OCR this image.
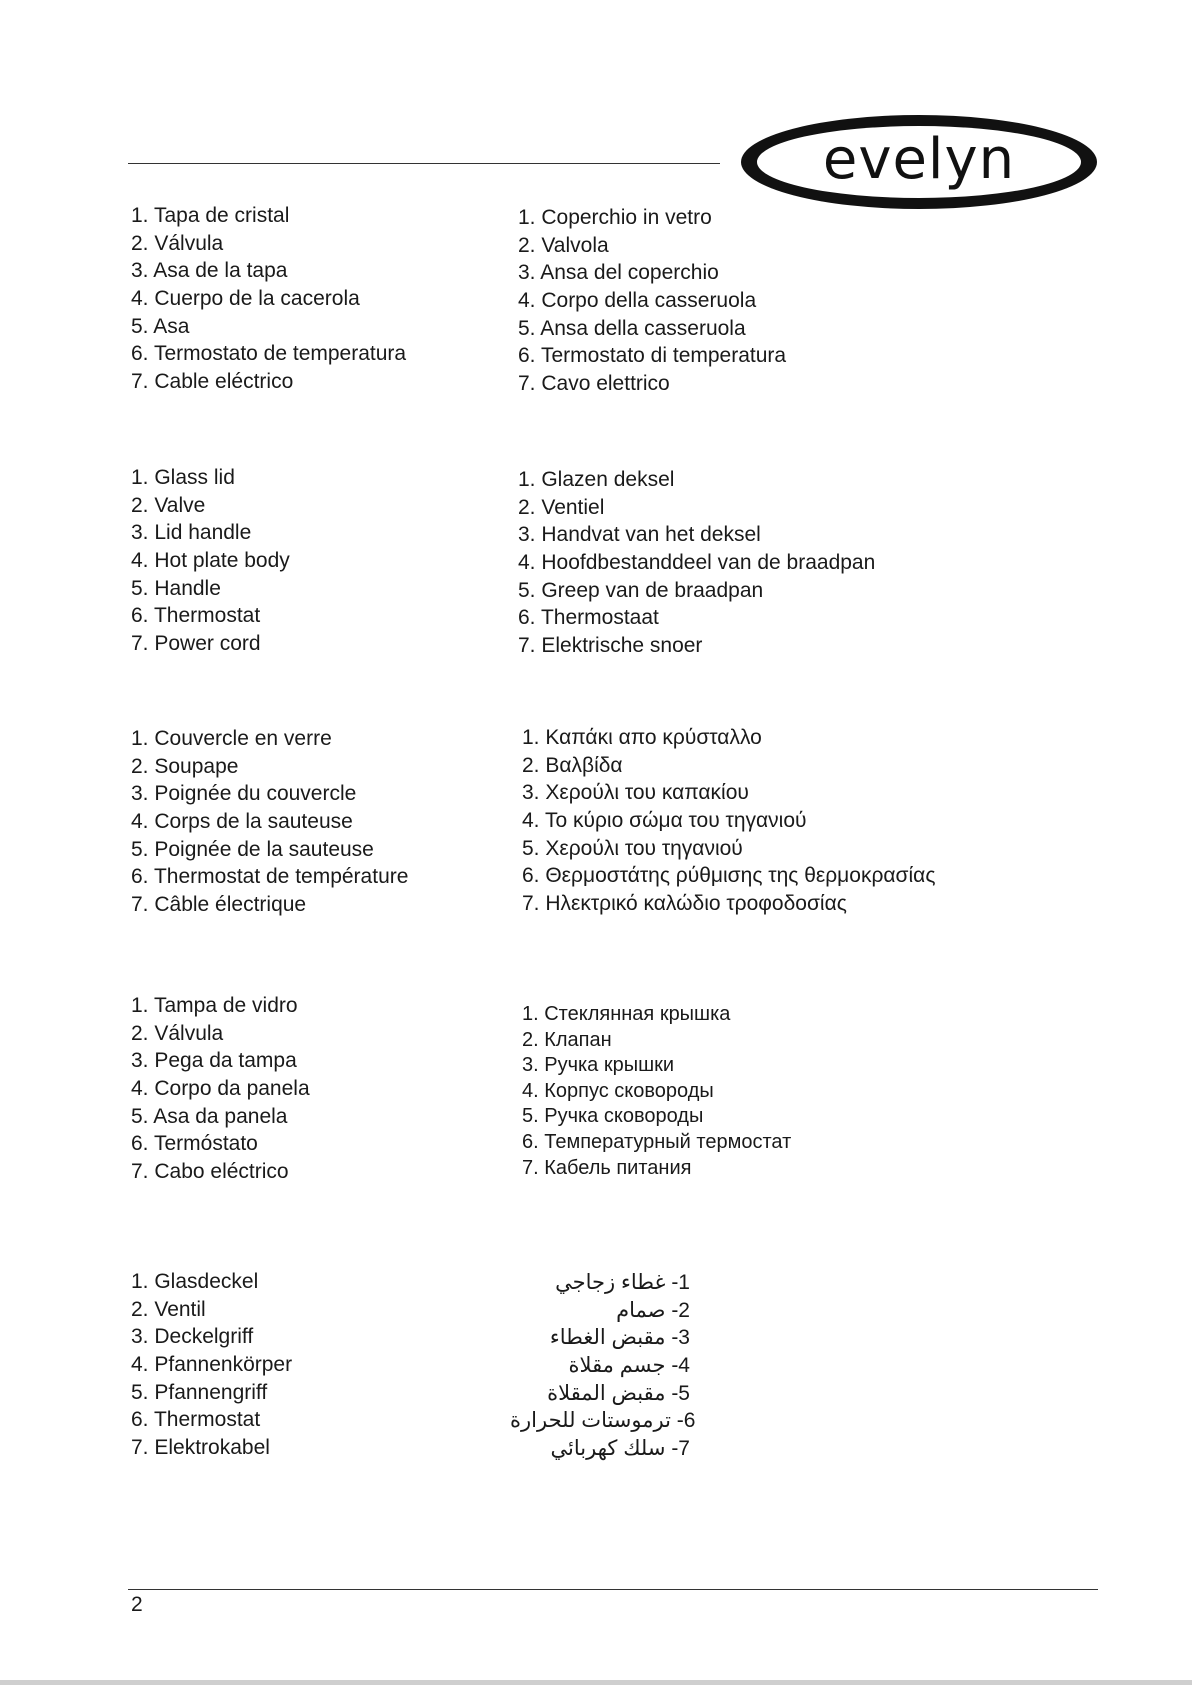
evelyn
1. Tapa de cristal
2. Válvula
3. Asa de la tapa
4. Cuerpo de la cacerola
5. Asa
6. Termostato de temperatura
7. Cable eléctrico
1. Coperchio in vetro
2. Valvola
3. Ansa del coperchio
4. Corpo della casseruola
5. Ansa della casseruola
6. Termostato di temperatura
7. Cavo elettrico
1. Glass lid
2. Valve
3. Lid handle
4. Hot plate body
5. Handle
6. Thermostat
7. Power cord
1. Glazen deksel
2. Ventiel
3. Handvat van het deksel
4. Hoofdbestanddeel van de braadpan
5. Greep van de braadpan
6. Thermostaat
7. Elektrische snoer
1. Couvercle en verre
2. Soupape
3. Poignée du couvercle
4. Corps de la sauteuse
5. Poignée de la sauteuse
6. Thermostat de température
7. Câble électrique
1. Καπάκι απο κρύσταλλο
2. Βαλβίδα
3. Χερούλι του καπακίου
4. Το κύριο σώμα του τηγανιού
5. Χερούλι του τηγανιού
6. Θερμοστάτης ρύθμισης της θερμοκρασίας
7. Ηλεκτρικό καλώδιο τροφοδοσίας
1. Tampa de vidro
2. Válvula
3. Pega da tampa
4. Corpo da panela
5. Asa da panela
6. Termóstato
7. Cabo eléctrico
1. Стеклянная крышка
2. Клапан
3. Ручка крышки
4. Корпус сковороды
5. Ручка сковороды
6. Температурный термостат
7. Кабель питания
1. Glasdeckel
2. Ventil
3. Deckelgriff
4. Pfannenkörper
5. Pfannengriff
6. Thermostat
7. Elektrokabel
غطاء زجاجي -1
صمام -2
مقبض الغطاء -3
جسم مقلاة -4
مقبض المقلاة -5
ترموستات للحرارة -6
سلك كهربائي -7
2
